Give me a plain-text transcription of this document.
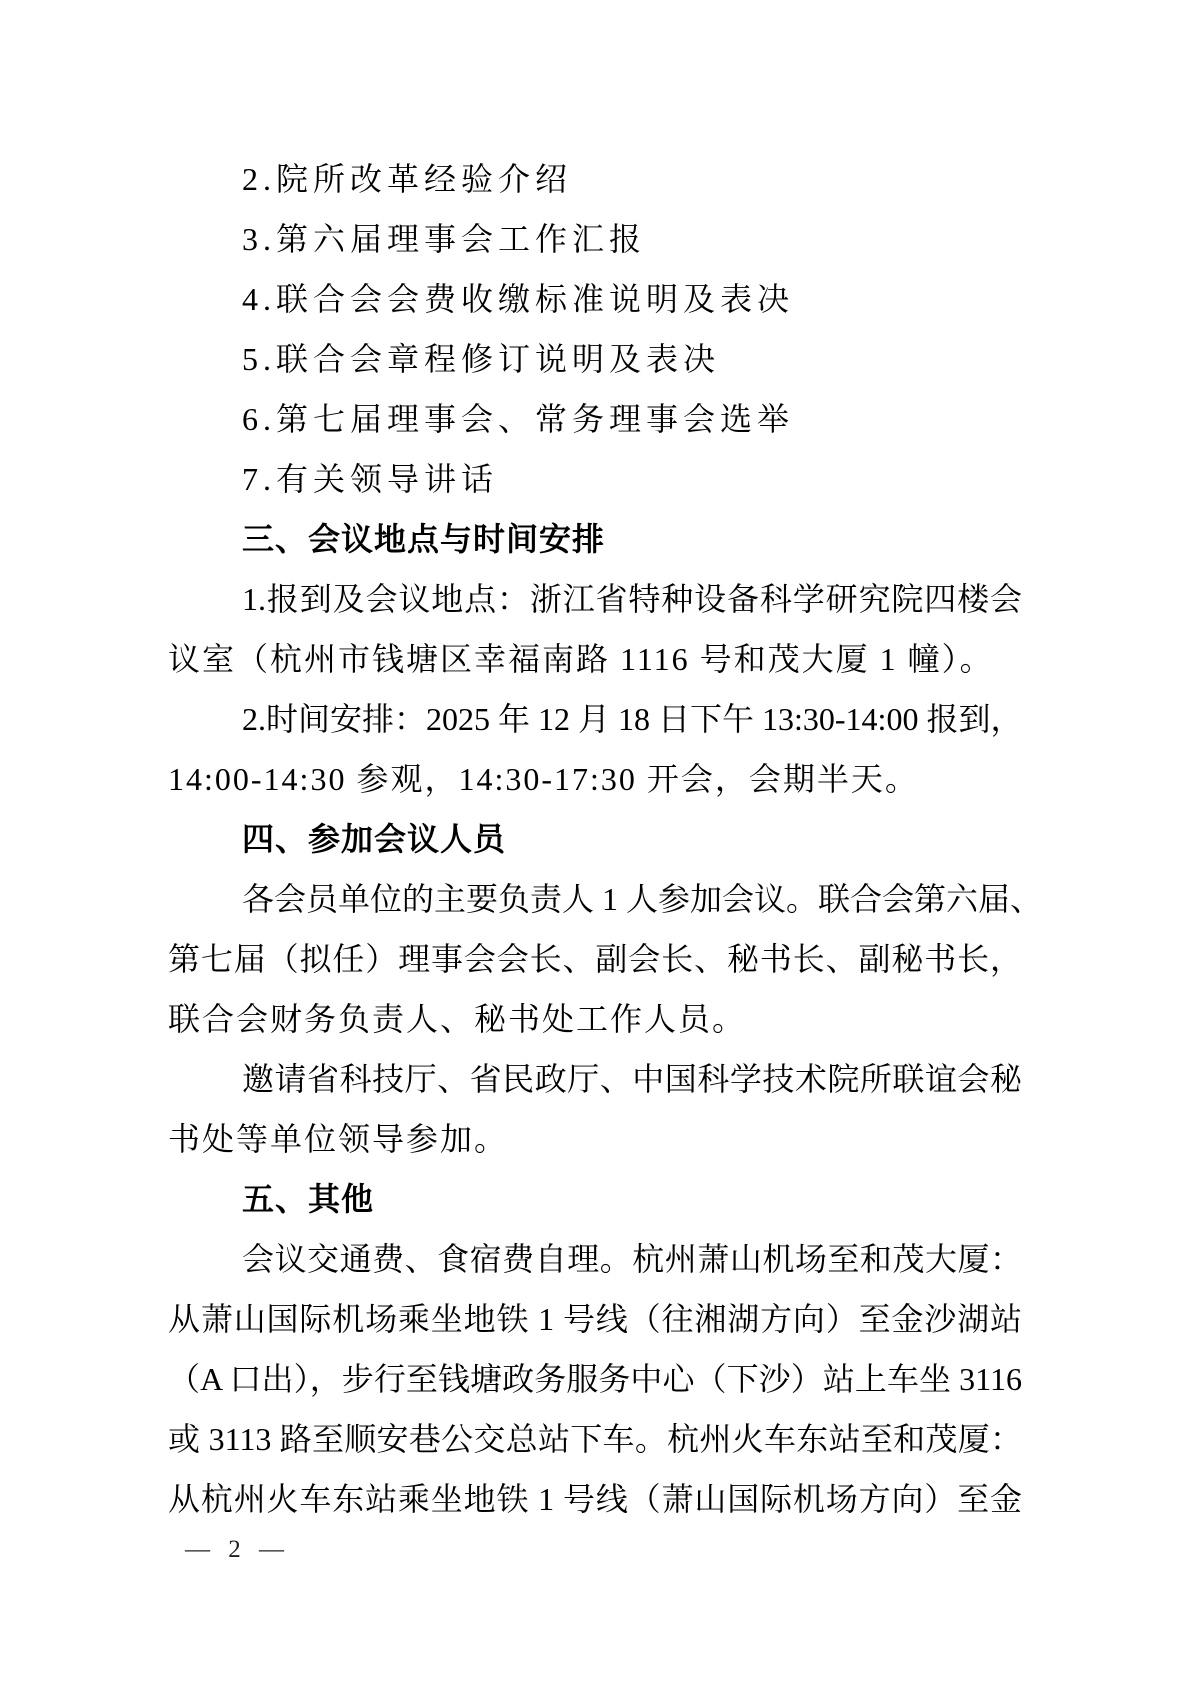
2.院所改革经验介绍
3.第六届理事会工作汇报
4.联合会会费收缴标准说明及表决
5.联合会章程修订说明及表决
6.第七届理事会、常务理事会选举
7.有关领导讲话
三、会议地点与时间安排
1.报到及会议地点：浙江省特种设备科学研究院四楼会
议室（杭州市钱塘区幸福南路 1116 号和茂大厦 1 幢）。
2.时间安排：2025 年 12 月 18 日下午 13:30-14:00 报到，
14:00-14:30 参观，14:30-17:30 开会，会期半天。
四、参加会议人员
各会员单位的主要负责人 1 人参加会议。联合会第六届、
第七届（拟任）理事会会长、副会长、秘书长、副秘书长，
联合会财务负责人、秘书处工作人员。
邀请省科技厅、省民政厅、中国科学技术院所联谊会秘
书处等单位领导参加。
五、其他
会议交通费、食宿费自理。杭州萧山机场至和茂大厦：
从萧山国际机场乘坐地铁 1 号线（往湘湖方向）至金沙湖站
（A 口出），步行至钱塘政务服务中心（下沙）站上车坐 3116
或 3113 路至顺安巷公交总站下车。杭州火车东站至和茂厦：
从杭州火车东站乘坐地铁 1 号线（萧山国际机场方向）至金
— 2 —
